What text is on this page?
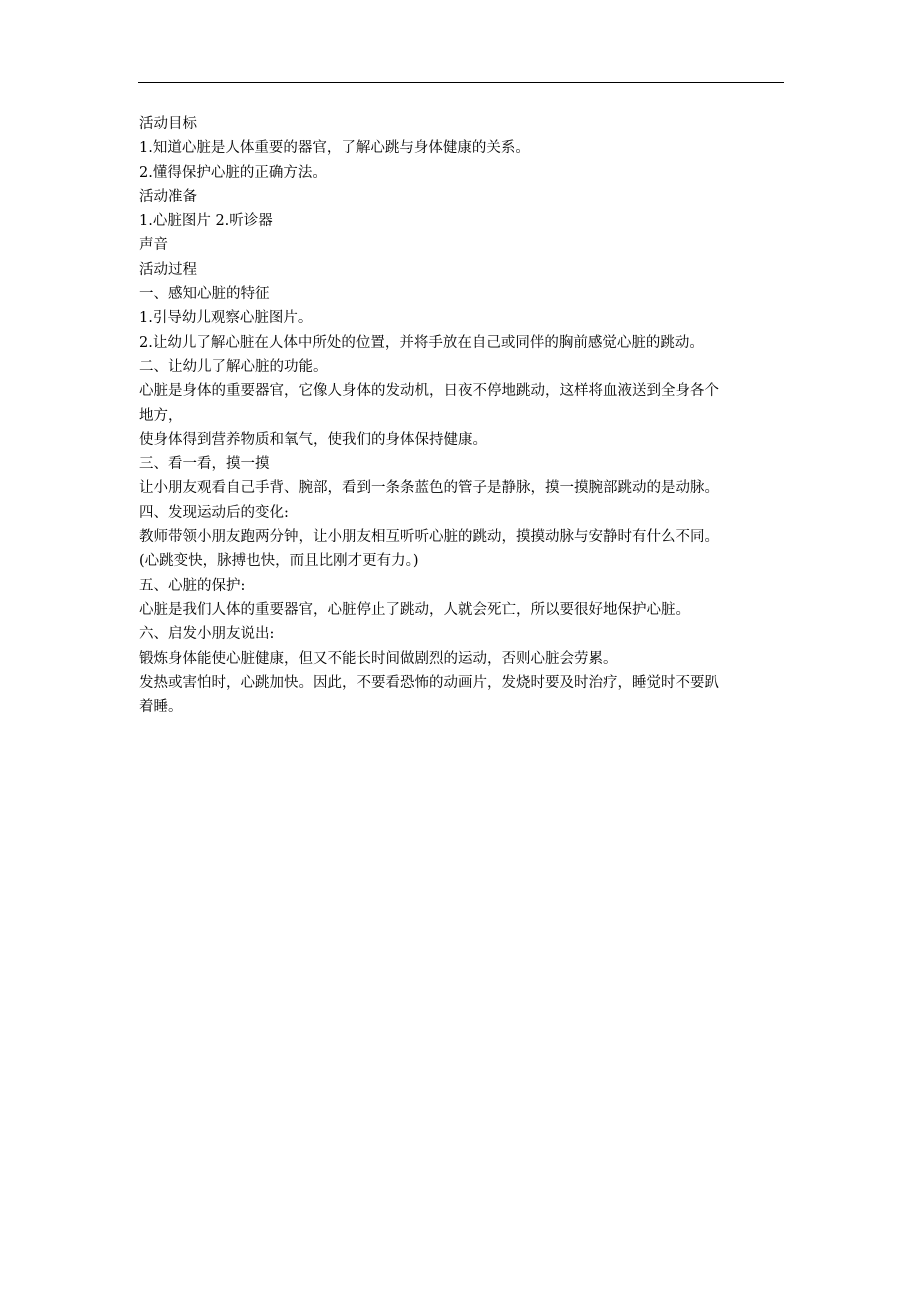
活动目标
1.知道心脏是人体重要的器官，了解心跳与身体健康的关系。
2.懂得保护心脏的正确方法。
活动准备
1.心脏图片 2.听诊器
声音
活动过程
一、感知心脏的特征
1.引导幼儿观察心脏图片。
2.让幼儿了解心脏在人体中所处的位置，并将手放在自己或同伴的胸前感觉心脏的跳动。
二、让幼儿了解心脏的功能。
心脏是身体的重要器官，它像人身体的发动机，日夜不停地跳动，这样将血液送到全身各个
地方，
使身体得到营养物质和氧气，使我们的身体保持健康。
三、看一看，摸一摸
让小朋友观看自己手背、腕部，看到一条条蓝色的管子是静脉，摸一摸腕部跳动的是动脉。
四、发现运动后的变化:
教师带领小朋友跑两分钟，让小朋友相互听听心脏的跳动，摸摸动脉与安静时有什么不同。
(心跳变快，脉搏也快，而且比刚才更有力。)
五、心脏的保护:
心脏是我们人体的重要器官，心脏停止了跳动，人就会死亡，所以要很好地保护心脏。
六、启发小朋友说出:
锻炼身体能使心脏健康，但又不能长时间做剧烈的运动，否则心脏会劳累。
发热或害怕时，心跳加快。因此，不要看恐怖的动画片，发烧时要及时治疗，睡觉时不要趴
着睡。
